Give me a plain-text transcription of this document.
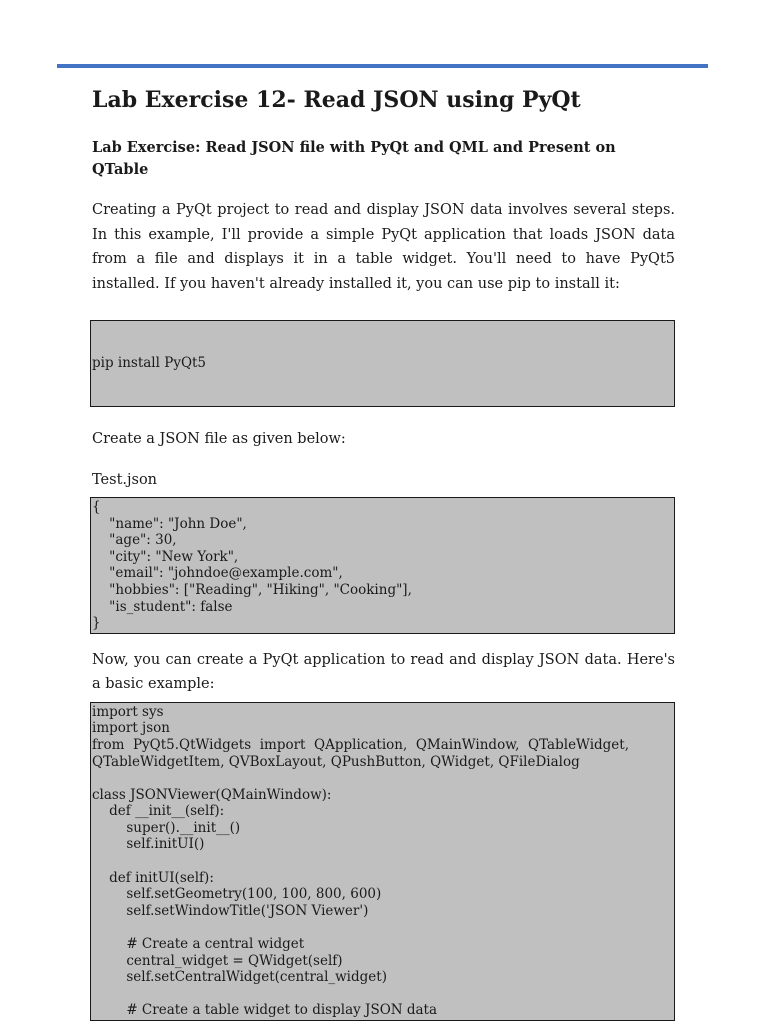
Lab Exercise 12- Read JSON using PyQt

Lab Exercise: Read JSON file with PyQt and QML and Present on QTable

Creating a PyQt project to read and display JSON data involves several steps. In this example, I'll provide a simple PyQt application that loads JSON data from a file and displays it in a table widget. You'll need to have PyQt5 installed. If you haven't already installed it, you can use pip to install it:

pip install PyQt5

Create a JSON file as given below:

Test.json

{
"name": "John Doe",
"age": 30,
"city": "New York",
"email": "johndoe@example.com",
"hobbies": ["Reading", "Hiking", "Cooking"],
"is_student": false
}

Now, you can create a PyQt application to read and display JSON data. Here's a basic example:

import sys
import json
from  PyQt5.QtWidgets  import  QApplication,  QMainWindow,  QTableWidget,
QTableWidgetItem, QVBoxLayout, QPushButton, QWidget, QFileDialog

class JSONViewer(QMainWindow):
def __init__(self):
super().__init__()
self.initUI()

def initUI(self):
self.setGeometry(100, 100, 800, 600)
self.setWindowTitle('JSON Viewer')

# Create a central widget
central_widget = QWidget(self)
self.setCentralWidget(central_widget)

# Create a table widget to display JSON data
